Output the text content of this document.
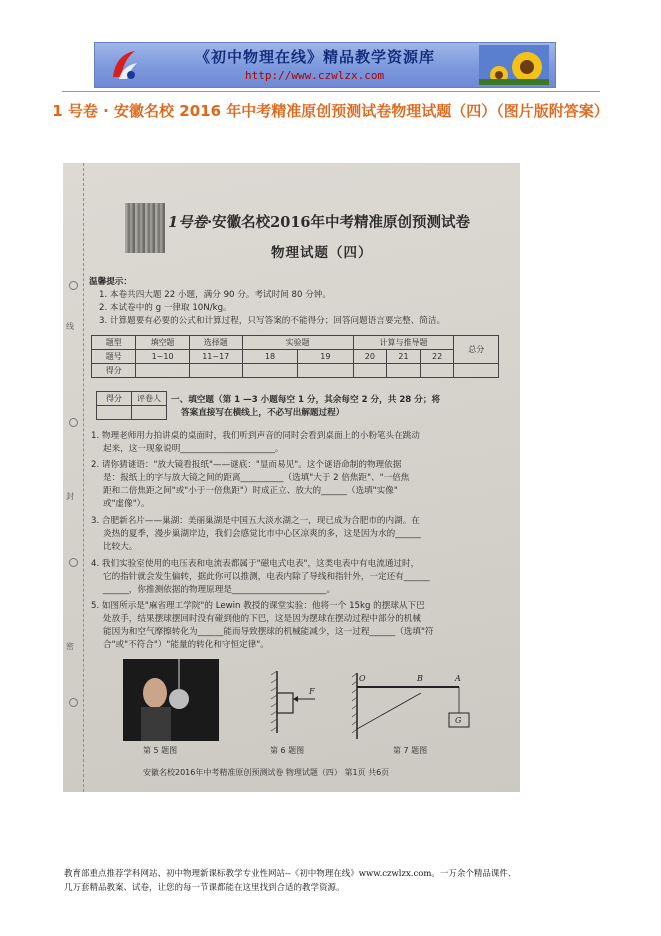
《初中物理在线》精品教学资源库
http://www.czwlzx.com
1 号卷 · 安徽名校 2016 年中考精准原创预测试卷物理试题（四）（图片版附答案）
线
封
密
1号卷·安徽名校2016年中考精准原创预测试卷
物理试题（四）
温馨提示：
1. 本卷共四大题 22 小题，满分 90 分。考试时间 80 分钟。
2. 本试卷中的 g 一律取 10N/kg。
3. 计算题要有必要的公式和计算过程，只写答案的不能得分；回答问题语言要完整、简洁。
题型	填空题	选择题	实验题		计算与推导题			总分
题号	1~10	11~17	18	19	20	21	22	
得分								
得分	评卷人
	一、填空题（第 1 —3 小题每空 1 分，其余每空 2 分，共 28 分；将
答案直接写在横线上，不必写出解题过程）
1. 物理老师用力拍讲桌的桌面时，我们听到声音的同时会看到桌面上的小粉笔头在跳动
起来，这一现象说明______________________。
2. 请你猜谜语："放大镜看报纸"——谜底："显而易见"。这个谜语命制的物理依据
是：报纸上的字与放大镜之间的距离__________（选填"大于 2 倍焦距"、"一倍焦
距和二倍焦距之间"或"小于一倍焦距"）时成正立、放大的______（选填"实像"
或"虚像"）。
3. 合肥新名片——巢湖：美丽巢湖是中国五大淡水湖之一，现已成为合肥市的内湖。在
炎热的夏季，漫步巢湖岸边，我们会感觉比市中心区凉爽的多，这是因为水的______
比较大。
4. 我们实验室使用的电压表和电流表都属于"磁电式电表"，这类电表中有电流通过时，
它的指针就会发生偏转，据此你可以推测，电表内除了导线和指针外，一定还有______
______，你推测依据的物理原理是______________________。
5. 如图所示是"麻省理工学院"的 Lewin 教授的课堂实验：他将一个 15kg 的摆球从下巴
处放手，结果摆球摆回时没有碰到他的下巴，这是因为摆球在摆动过程中部分的机械
能因为和空气摩擦转化为______能而导致摆球的机械能减少，这一过程______（选填"符
合"或"不符合"）"能量的转化和守恒定律"。
第 5 题图
F
第 6 题图
O	B	A
G
第 7 题图
安徽名校2016年中考精准原创预测试卷 物理试题（四） 第1页 共6页
教育部重点推荐学科网站、初中物理新课标教学专业性网站--《初中物理在线》www.czwlzx.com。一万余个精品课件、
几万套精品教案、试卷，让您的每一节课都能在这里找到合适的教学资源。
